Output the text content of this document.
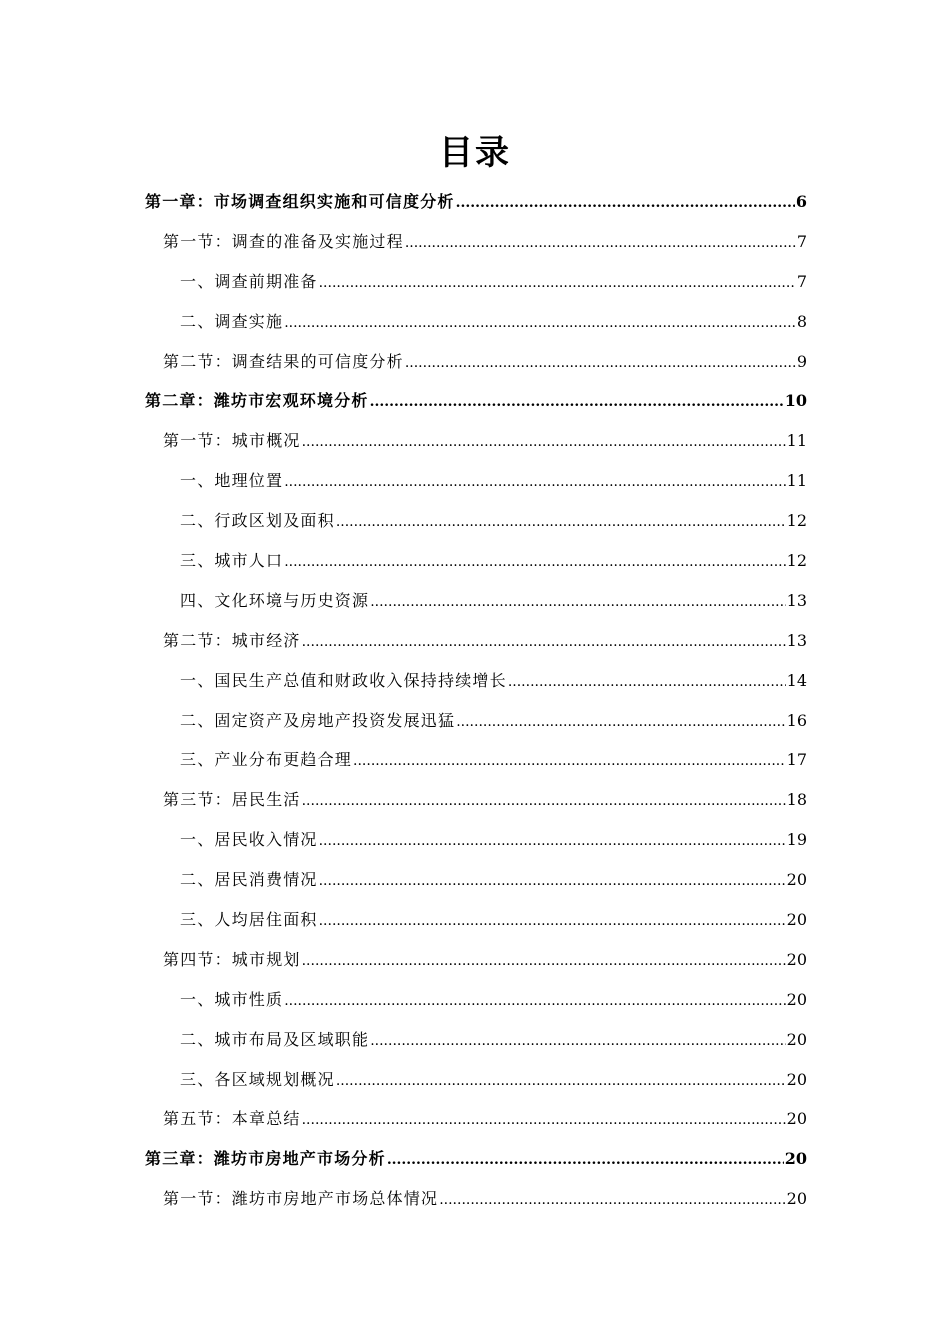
目录
第一章：市场调查组织实施和可信度分析 .....	6
第一节：调查的准备及实施过程 .....	7
一、调查前期准备 .....	7
二、调查实施 .....	8
第二节：调查结果的可信度分析 .....	9
第二章：潍坊市宏观环境分析 .....	10
第一节：城市概况 .....	11
一、地理位置 .....	11
二、行政区划及面积 .....	12
三、城市人口 .....	12
四、文化环境与历史资源 .....	13
第二节：城市经济 .....	13
一、国民生产总值和财政收入保持持续增长 .....	14
二、固定资产及房地产投资发展迅猛 .....	16
三、产业分布更趋合理 .....	17
第三节：居民生活 .....	18
一、居民收入情况 .....	19
二、居民消费情况 .....	20
三、人均居住面积 .....	20
第四节：城市规划 .....	20
一、城市性质 .....	20
二、城市布局及区域职能 .....	20
三、各区域规划概况 .....	20
第五节：本章总结 .....	20
第三章：潍坊市房地产市场分析 .....	20
第一节：潍坊市房地产市场总体情况 .....	20
